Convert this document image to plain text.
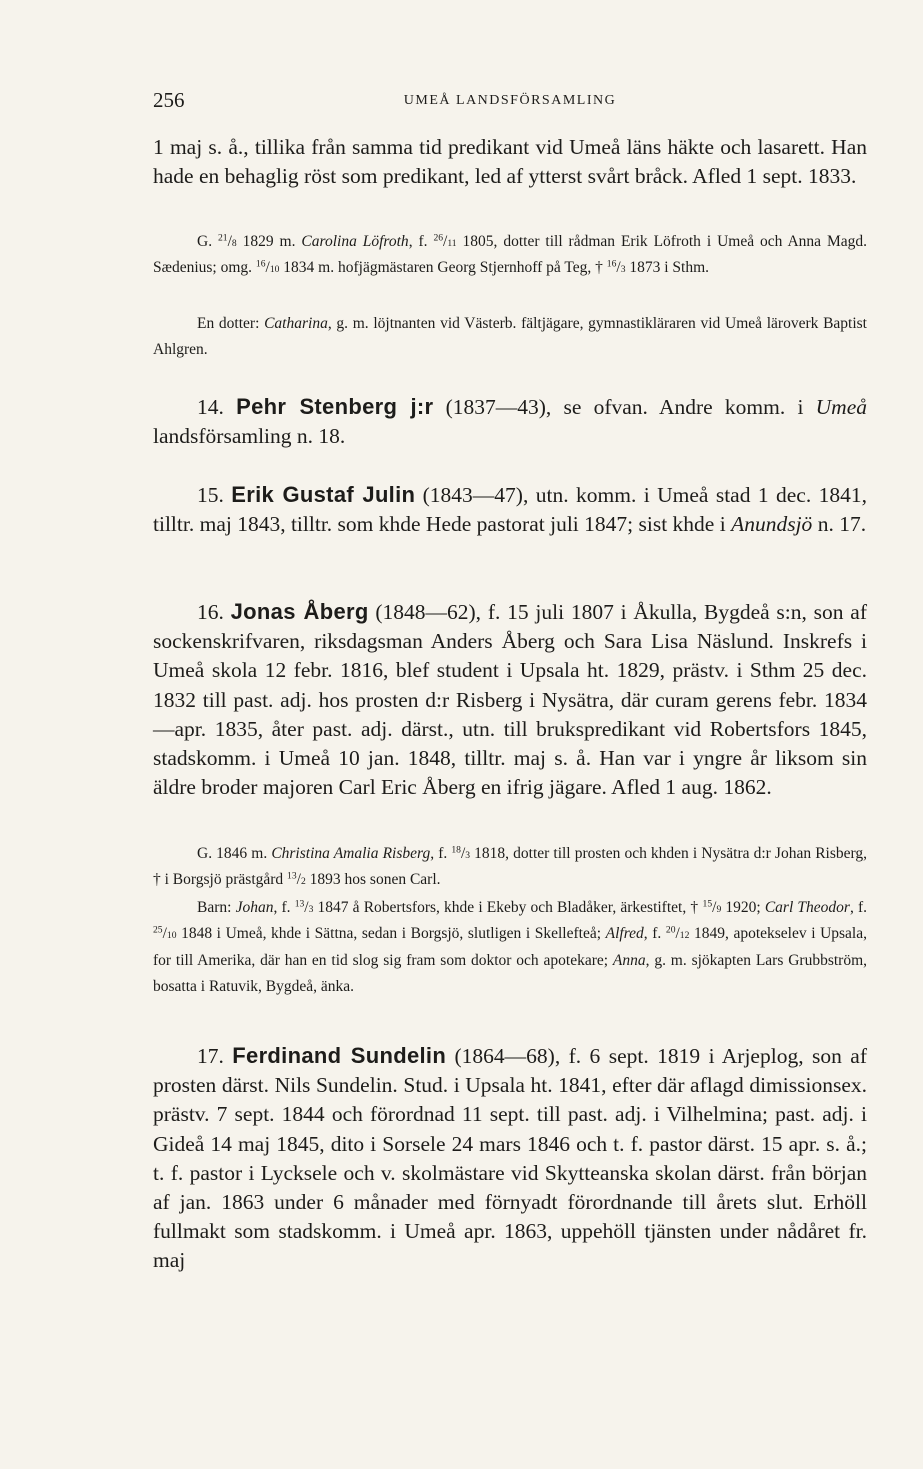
256	UMEÅ LANDSFÖRSAMLING

1 maj s. å., tillika från samma tid predikant vid Umeå läns häkte och lasarett. Han hade en behaglig röst som predikant, led af ytterst svårt bråck. Afled 1 sept. 1833.

G. $^{21}$/8 1829 m. Carolina Löfroth, f. $^{26}$/11 1805, dotter till rådman Erik Löfroth i Umeå och Anna Magd. Sædenius; omg. $^{16}$/10 1834 m. hofjägmästaren Georg Stjernhoff på Teg, † $^{16}$/3 1873 i Sthm.

En dotter: Catharina, g. m. löjtnanten vid Västerb. fältjägare, gymnastikläraren vid Umeå läroverk Baptist Ahlgren.

14. Pehr Stenberg j:r (1837—43), se ofvan. Andre komm. i Umeå landsförsamling n. 18.

15. Erik Gustaf Julin (1843—47), utn. komm. i Umeå stad 1 dec. 1841, tilltr. maj 1843, tilltr. som khde Hede pastorat juli 1847; sist khde i Anundsjö n. 17.

16. Jonas Åberg (1848—62), f. 15 juli 1807 i Åkulla, Bygdeå s:n, son af sockenskrifvaren, riksdagsman Anders Åberg och Sara Lisa Näslund. Inskrefs i Umeå skola 12 febr. 1816, blef student i Upsala ht. 1829, prästv. i Sthm 25 dec. 1832 till past. adj. hos prosten d:r Risberg i Nysätra, där curam gerens febr. 1834—apr. 1835, åter past. adj. därst., utn. till brukspredikant vid Robertsfors 1845, stadskomm. i Umeå 10 jan. 1848, tilltr. maj s. å. Han var i yngre år liksom sin äldre broder majoren Carl Eric Åberg en ifrig jägare. Afled 1 aug. 1862.

G. 1846 m. Christina Amalia Risberg, f. $^{18}$/3 1818, dotter till prosten och khden i Nysätra d:r Johan Risberg, † i Borgsjö prästgård $^{13}$/2 1893 hos sonen Carl.

Barn: Johan, f. $^{13}$/3 1847 å Robertsfors, khde i Ekeby och Bladåker, ärkestiftet, † $^{15}$/9 1920; Carl Theodor, f. $^{25}$/10 1848 i Umeå, khde i Sättna, sedan i Borgsjö, slutligen i Skellefteå; Alfred, f. $^{20}$/12 1849, apotekselev i Upsala, for till Amerika, där han en tid slog sig fram som doktor och apotekare; Anna, g. m. sjökapten Lars Grubbström, bosatta i Ratuvik, Bygdeå, änka.

17. Ferdinand Sundelin (1864—68), f. 6 sept. 1819 i Arjeplog, son af prosten därst. Nils Sundelin. Stud. i Upsala ht. 1841, efter där aflagd dimissionsex. prästv. 7 sept. 1844 och förordnad 11 sept. till past. adj. i Vilhelmina; past. adj. i Gideå 14 maj 1845, dito i Sorsele 24 mars 1846 och t. f. pastor därst. 15 apr. s. å.; t. f. pastor i Lycksele och v. skolmästare vid Skytteanska skolan därst. från början af jan. 1863 under 6 månader med förnyadt förordnande till årets slut. Erhöll fullmakt som stadskomm. i Umeå apr. 1863, uppehöll tjänsten under nådåret fr. maj
